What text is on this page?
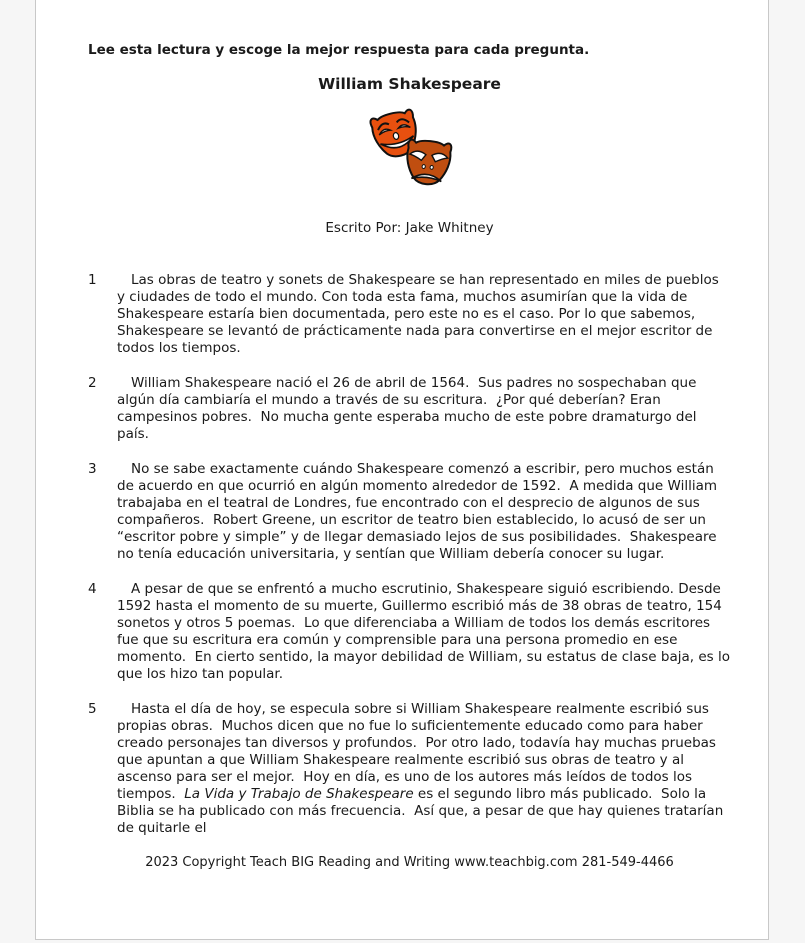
Lee esta lectura y escoge la mejor respuesta para cada pregunta.
William Shakespeare
Escrito Por: Jake Whitney
1	Las obras de teatro y sonets de Shakespeare se han representado en miles de pueblos y ciudades de todo el mundo. Con toda esta fama, muchos asumirían que la vida de Shakespeare estaría bien documentada, pero este no es el caso. Por lo que sabemos, Shakespeare se levantó de prácticamente nada para convertirse en el mejor escritor de todos los tiempos.
2	William Shakespeare nació el 26 de abril de 1564.  Sus padres no sospechaban que algún día cambiaría el mundo a través de su escritura.  ¿Por qué deberían? Eran campesinos pobres.  No mucha gente esperaba mucho de este pobre dramaturgo del país.
3	No se sabe exactamente cuándo Shakespeare comenzó a escribir, pero muchos están de acuerdo en que ocurrió en algún momento alrededor de 1592.  A medida que William trabajaba en el teatral de Londres, fue encontrado con el desprecio de algunos de sus compañeros.  Robert Greene, un escritor de teatro bien establecido, lo acusó de ser un “escritor pobre y simple” y de llegar demasiado lejos de sus posibilidades.  Shakespeare no tenía educación universitaria, y sentían que William debería conocer su lugar.
4	A pesar de que se enfrentó a mucho escrutinio, Shakespeare siguió escribiendo. Desde 1592 hasta el momento de su muerte, Guillermo escribió más de 38 obras de teatro, 154 sonetos y otros 5 poemas.  Lo que diferenciaba a William de todos los demás escritores fue que su escritura era común y comprensible para una persona promedio en ese momento.  En cierto sentido, la mayor debilidad de William, su estatus de clase baja, es lo que los hizo tan popular.
5	Hasta el día de hoy, se especula sobre si William Shakespeare realmente escribió sus propias obras.  Muchos dicen que no fue lo suficientemente educado como para haber creado personajes tan diversos y profundos.  Por otro lado, todavía hay muchas pruebas que apuntan a que William Shakespeare realmente escribió sus obras de teatro y al ascenso para ser el mejor.  Hoy en día, es uno de los autores más leídos de todos los tiempos.  La Vida y Trabajo de Shakespeare es el segundo libro más publicado.  Solo la Biblia se ha publicado con más frecuencia.  Así que, a pesar de que hay quienes tratarían de quitarle el
2023 Copyright Teach BIG Reading and Writing www.teachbig.com 281-549-4466
